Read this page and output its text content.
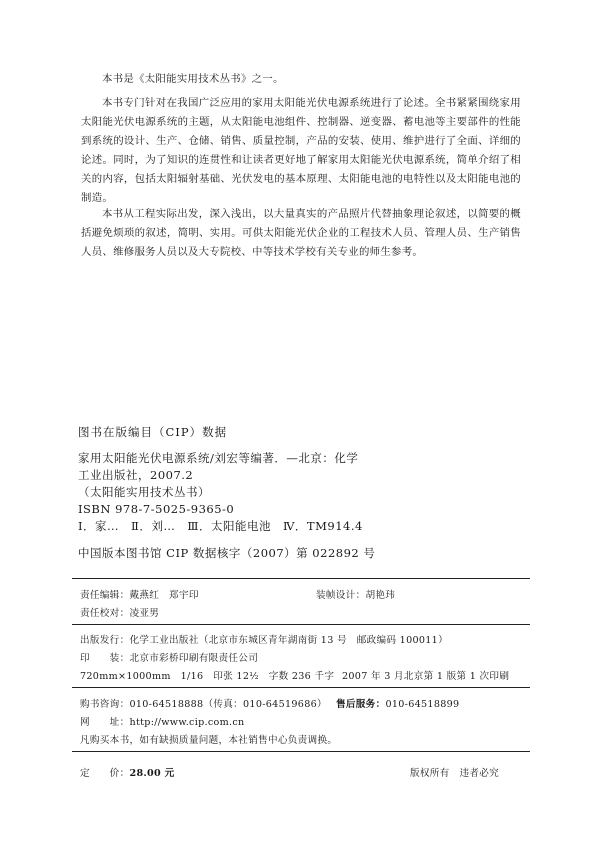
本书是《太阳能实用技术丛书》之一。
本书专门针对在我国广泛应用的家用太阳能光伏电源系统进行了论述。全书紧紧围绕家用太阳能光伏电源系统的主题，从太阳能电池组件、控制器、逆变器、蓄电池等主要部件的性能到系统的设计、生产、仓储、销售、质量控制，产品的安装、使用、维护进行了全面、详细的论述。同时，为了知识的连贯性和让读者更好地了解家用太阳能光伏电源系统，简单介绍了相关的内容，包括太阳辐射基础、光伏发电的基本原理、太阳能电池的电特性以及太阳能电池的制造。
本书从工程实际出发，深入浅出，以大量真实的产品照片代替抽象理论叙述，以简要的概括避免烦琐的叙述，简明、实用。可供太阳能光伏企业的工程技术人员、管理人员、生产销售人员、维修服务人员以及大专院校、中等技术学校有关专业的师生参考。
图书在版编目（CIP）数据
家用太阳能光伏电源系统/刘宏等编著．—北京：化学
工业出版社，2007.2
（太阳能实用技术丛书）
ISBN 978-7-5025-9365-0
Ⅰ．家…　Ⅱ．刘…　Ⅲ．太阳能电池　Ⅳ．TM914.4
中国版本图书馆 CIP 数据核字（2007）第 022892 号
责任编辑：戴燕红　郑宇印	装帧设计：胡艳玮
责任校对：凌亚男
出版发行：化学工业出版社（北京市东城区青年湖南街 13 号　邮政编码 100011）
印　　装：北京市彩桥印刷有限责任公司
720mm×1000mm　1/16　印张 12½　字数 236 千字 2007 年 3 月北京第 1 版第 1 次印刷
购书咨询：010-64518888（传真：010-64519686） 售后服务：010-64518899
网　　址：http://www.cip.com.cn
凡购买本书，如有缺损质量问题，本社销售中心负责调换。
定　　价：28.00 元	版权所有　违者必究
